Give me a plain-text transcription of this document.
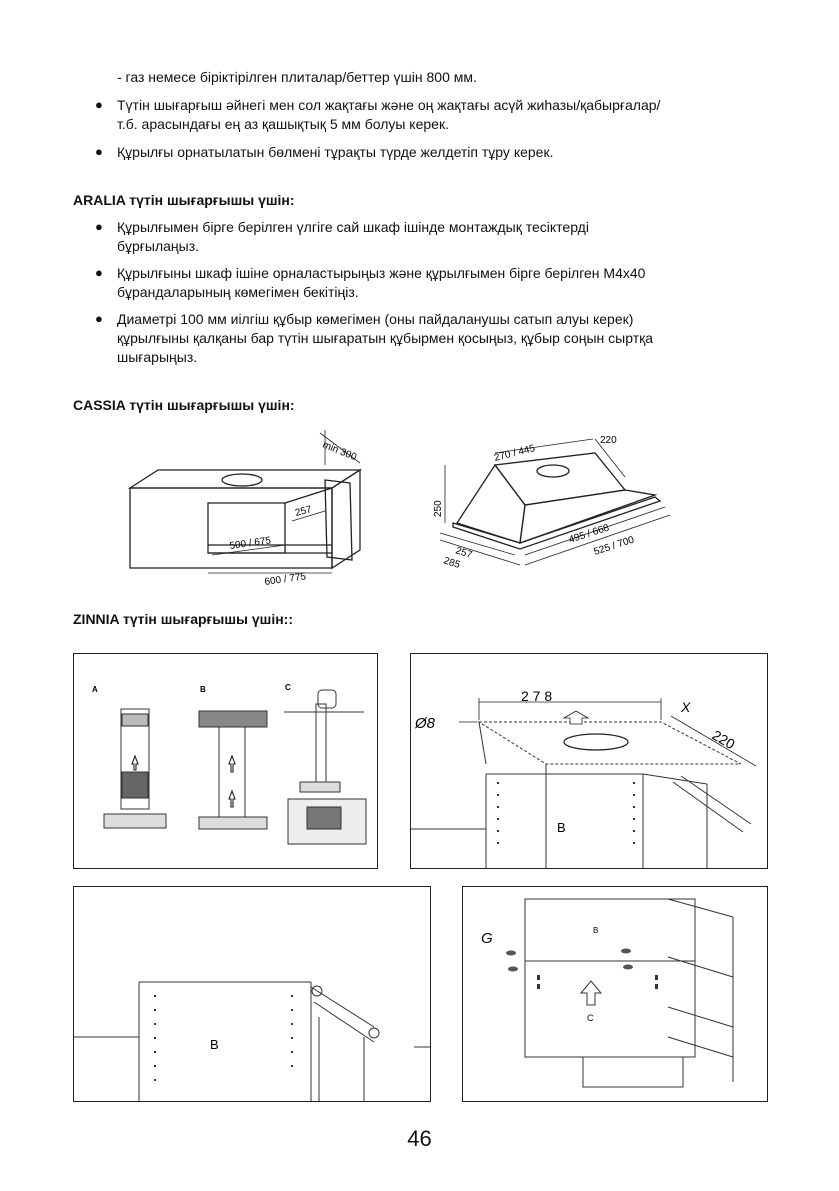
- газ немесе біріктірілген плиталар/беттер үшін 800 мм.
● Түтін шығарғыш әйнегі мен сол жақтағы және оң жақтағы асүй жиһазы/қабырғалар/
т.б. арасындағы ең аз қашықтық 5 мм болуы керек.
● Құрылғы орнатылатын бөлмені тұрақты түрде желдетіп тұру керек.
ARALIA түтін шығарғышы үшін:
● Құрылғымен бірге берілген үлгіге сай шкаф ішінде монтаждық тесіктерді
бұрғылаңыз.
● Құрылғыны шкаф ішіне орналастырыңыз және құрылғымен бірге берілген М4х40
бұрандаларының көмегімен бекітіңіз.
● Диаметрі 100 мм иілгіш құбыр көмегімен (оны пайдаланушы сатып алуы керек)
құрылғыны қалқаны бар түтін шығаратын құбырмен қосыңыз, құбыр соңын сыртқа
шығарыңыз.
CASSIA түтін шығарғышы үшін:
min 300
257
500 / 675
600 / 775
270 / 445
220
250
257
285
495 / 668
525 / 700
ZINNIA түтін шығарғышы үшін::
A	B	C
2 7 8
220
Ø8
X
B
B
G	B
C
46
